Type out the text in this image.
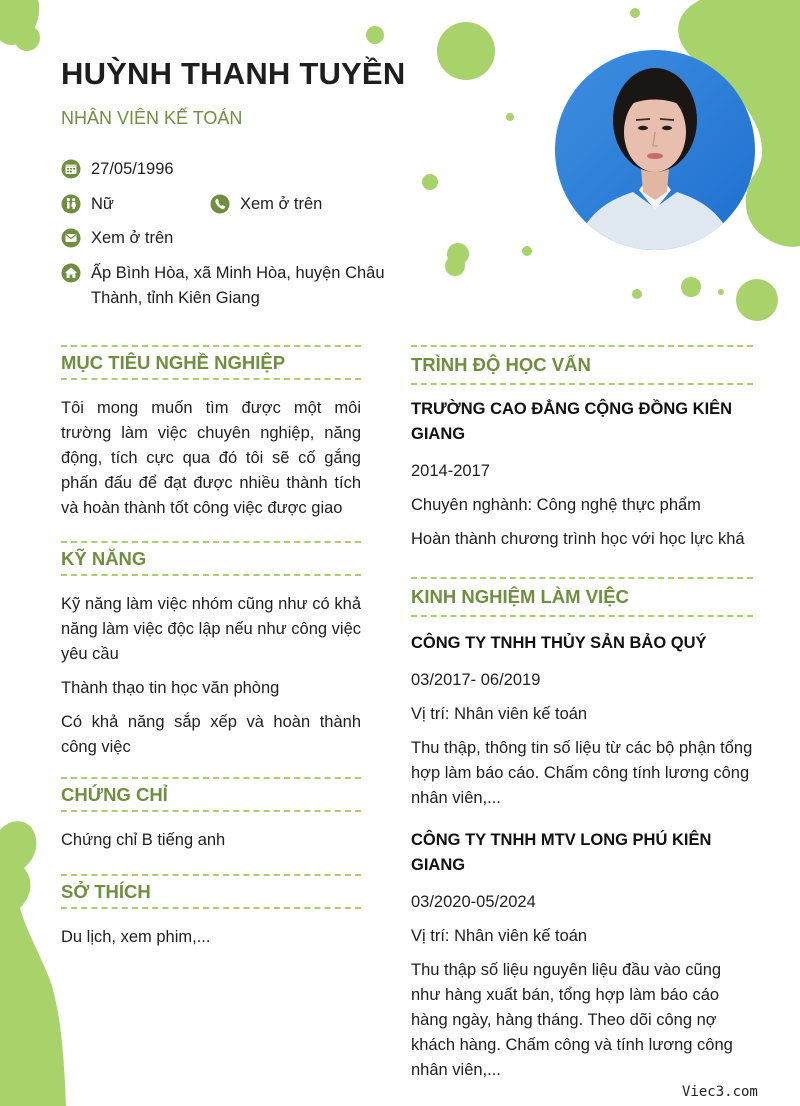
HUỲNH THANH TUYỀN
NHÂN VIÊN KẾ TOÁN
27/05/1996
Nữ	Xem ở trên
Xem ở trên
Ấp Bình Hòa, xã Minh Hòa, huyện Châu Thành, tỉnh Kiên Giang
MỤC TIÊU NGHỀ NGHIỆP

Tôi mong muốn tìm được một môi trường làm việc chuyên nghiệp, năng động, tích cực qua đó tôi sẽ cố gắng phấn đấu để đạt được nhiều thành tích và hoàn thành tốt công việc được giao

KỸ NĂNG

Kỹ năng làm việc nhóm cũng như có khả năng làm việc độc lập nếu như công việc yêu cầu

Thành thạo tin học văn phòng

Có khả năng sắp xếp và hoàn thành công việc

CHỨNG CHỈ

Chứng chỉ B tiếng anh

SỞ THÍCH

Du lịch, xem phim,...

TRÌNH ĐỘ HỌC VẤN

TRƯỜNG CAO ĐẲNG CỘNG ĐỒNG KIÊN GIANG

2014-2017

Chuyên nghành: Công nghệ thực phẩm

Hoàn thành chương trình học với học lực khá

KINH NGHIỆM LÀM VIỆC

CÔNG TY TNHH THỦY SẢN BẢO QUÝ

03/2017- 06/2019

Vị trí: Nhân viên kế toán

Thu thập, thông tin số liệu từ các bộ phận tổng hợp làm báo cáo. Chấm công tính lương công nhân viên,...

CÔNG TY TNHH MTV LONG PHÚ KIÊN GIANG

03/2020-05/2024

Vị trí: Nhân viên kế toán

Thu thập số liệu nguyên liệu đầu vào cũng như hàng xuất bán, tổng hợp làm báo cáo hàng ngày, hàng tháng. Theo dõi công nợ khách hàng. Chấm công và tính lương công nhân viên,...

Viec3.com
